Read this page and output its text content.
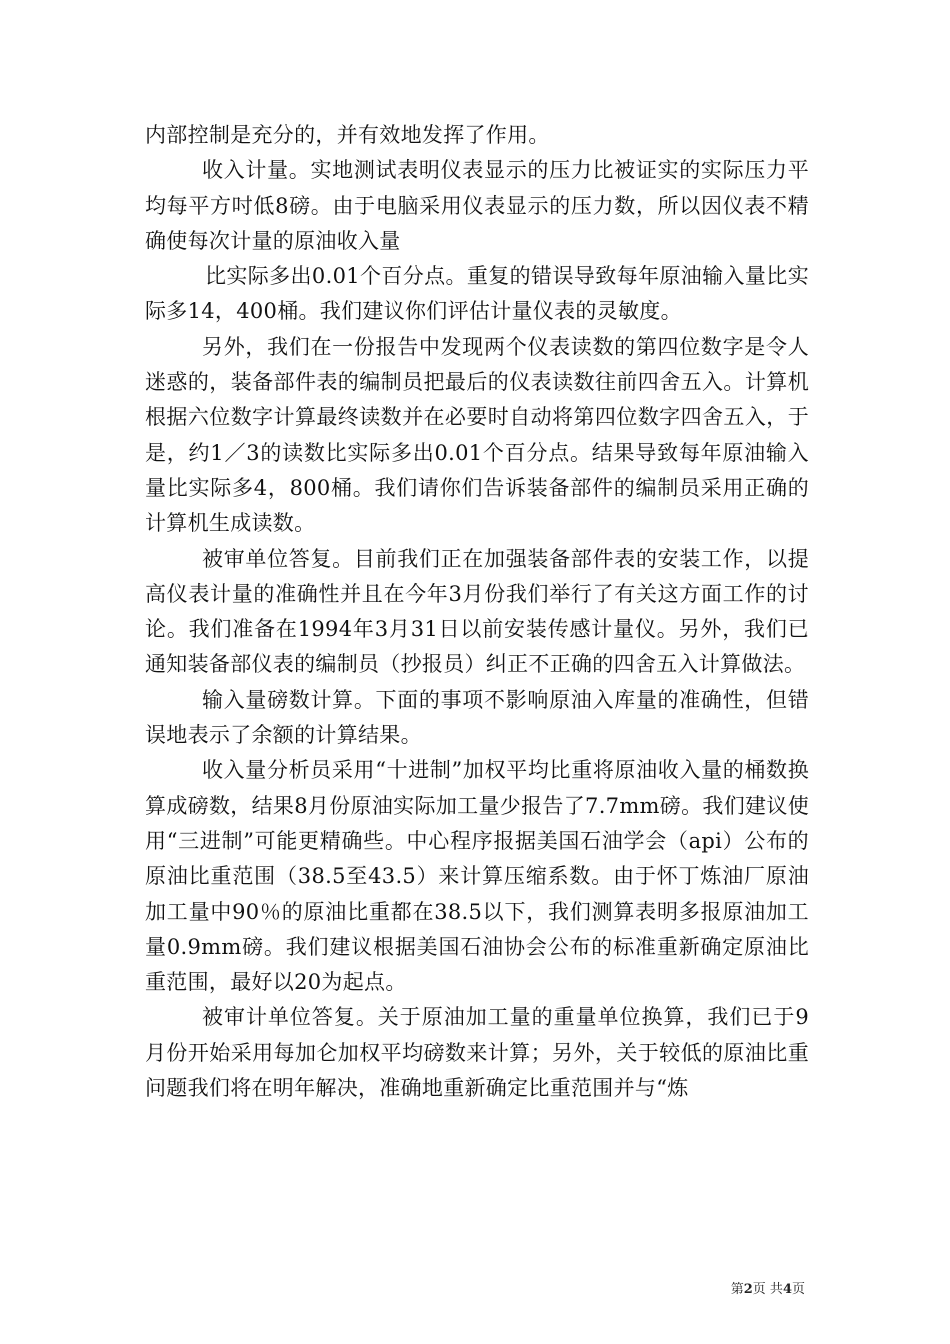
内部控制是充分的，并有效地发挥了作用。

收入计量。实地测试表明仪表显示的压力比被证实的实际压力平均每平方吋低8磅。由于电脑采用仪表显示的压力数，所以因仪表不精确使每次计量的原油收入量

比实际多出0.01个百分点。重复的错误导致每年原油输入量比实际多14，400桶。我们建议你们评估计量仪表的灵敏度。

另外，我们在一份报告中发现两个仪表读数的第四位数字是令人迷惑的，装备部件表的编制员把最后的仪表读数往前四舍五入。计算机根据六位数字计算最终读数并在必要时自动将第四位数字四舍五入，于是，约1／3的读数比实际多出0.01个百分点。结果导致每年原油输入量比实际多4，800桶。我们请你们告诉装备部件的编制员采用正确的计算机生成读数。

被审单位答复。目前我们正在加强装备部件表的安装工作，以提高仪表计量的准确性并且在今年3月份我们举行了有关这方面工作的讨论。我们准备在1994年3月31日以前安装传感计量仪。另外，我们已通知装备部仪表的编制员（抄报员）纠正不正确的四舍五入计算做法。

输入量磅数计算。下面的事项不影响原油入库量的准确性，但错误地表示了余额的计算结果。

收入量分析员采用“十进制”加权平均比重将原油收入量的桶数换算成磅数，结果8月份原油实际加工量少报告了7.7mm磅。我们建议使用“三进制”可能更精确些。中心程序报据美国石油学会（api）公布的原油比重范围（38.5至43.5）来计算压缩系数。由于怀丁炼油厂原油加工量中90％的原油比重都在38.5以下，我们测算表明多报原油加工量0.9mm磅。我们建议根据美国石油协会公布的标准重新确定原油比重范围，最好以20为起点。

被审计单位答复。关于原油加工量的重量单位换算，我们已于9月份开始采用每加仑加权平均磅数来计算；另外，关于较低的原油比重问题我们将在明年解决，准确地重新确定比重范围并与“炼

第2页 共4页
